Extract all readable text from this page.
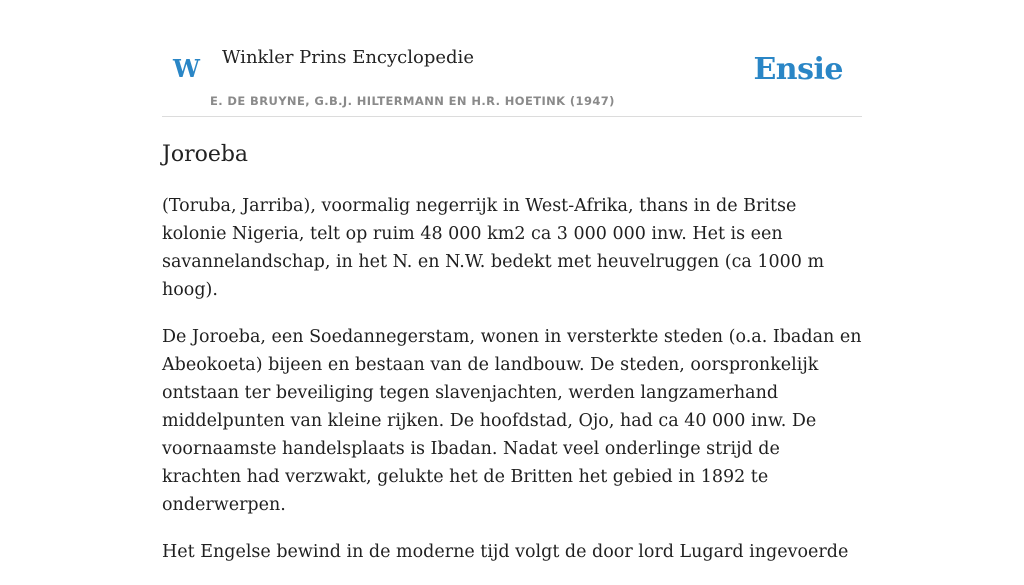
W Winkler Prins Encyclopedie
E. DE BRUYNE, G.B.J. HILTERMANN EN H.R. HOETINK (1947)
Ensie
Joroeba

(Toruba, Jarriba), voormalig negerrijk in West-Afrika, thans in de Britse kolonie Nigeria, telt op ruim 48 000 km2 ca 3 000 000 inw. Het is een savannelandschap, in het N. en N.W. bedekt met heuvelruggen (ca 1000 m hoog).

De Joroeba, een Soedannegerstam, wonen in versterkte steden (o.a. Ibadan en Abeokoeta) bijeen en bestaan van de landbouw. De steden, oorspronkelijk ontstaan ter beveiliging tegen slavenjachten, werden langzamerhand middelpunten van kleine rijken. De hoofdstad, Ojo, had ca 40 000 inw. De voornaamste handelsplaats is Ibadan. Nadat veel onderlinge strijd de krachten had verzwakt, gelukte het de Britten het gebied in 1892 te onderwerpen.

Het Engelse bewind in de moderne tijd volgt de door lord Lugard ingevoerde
